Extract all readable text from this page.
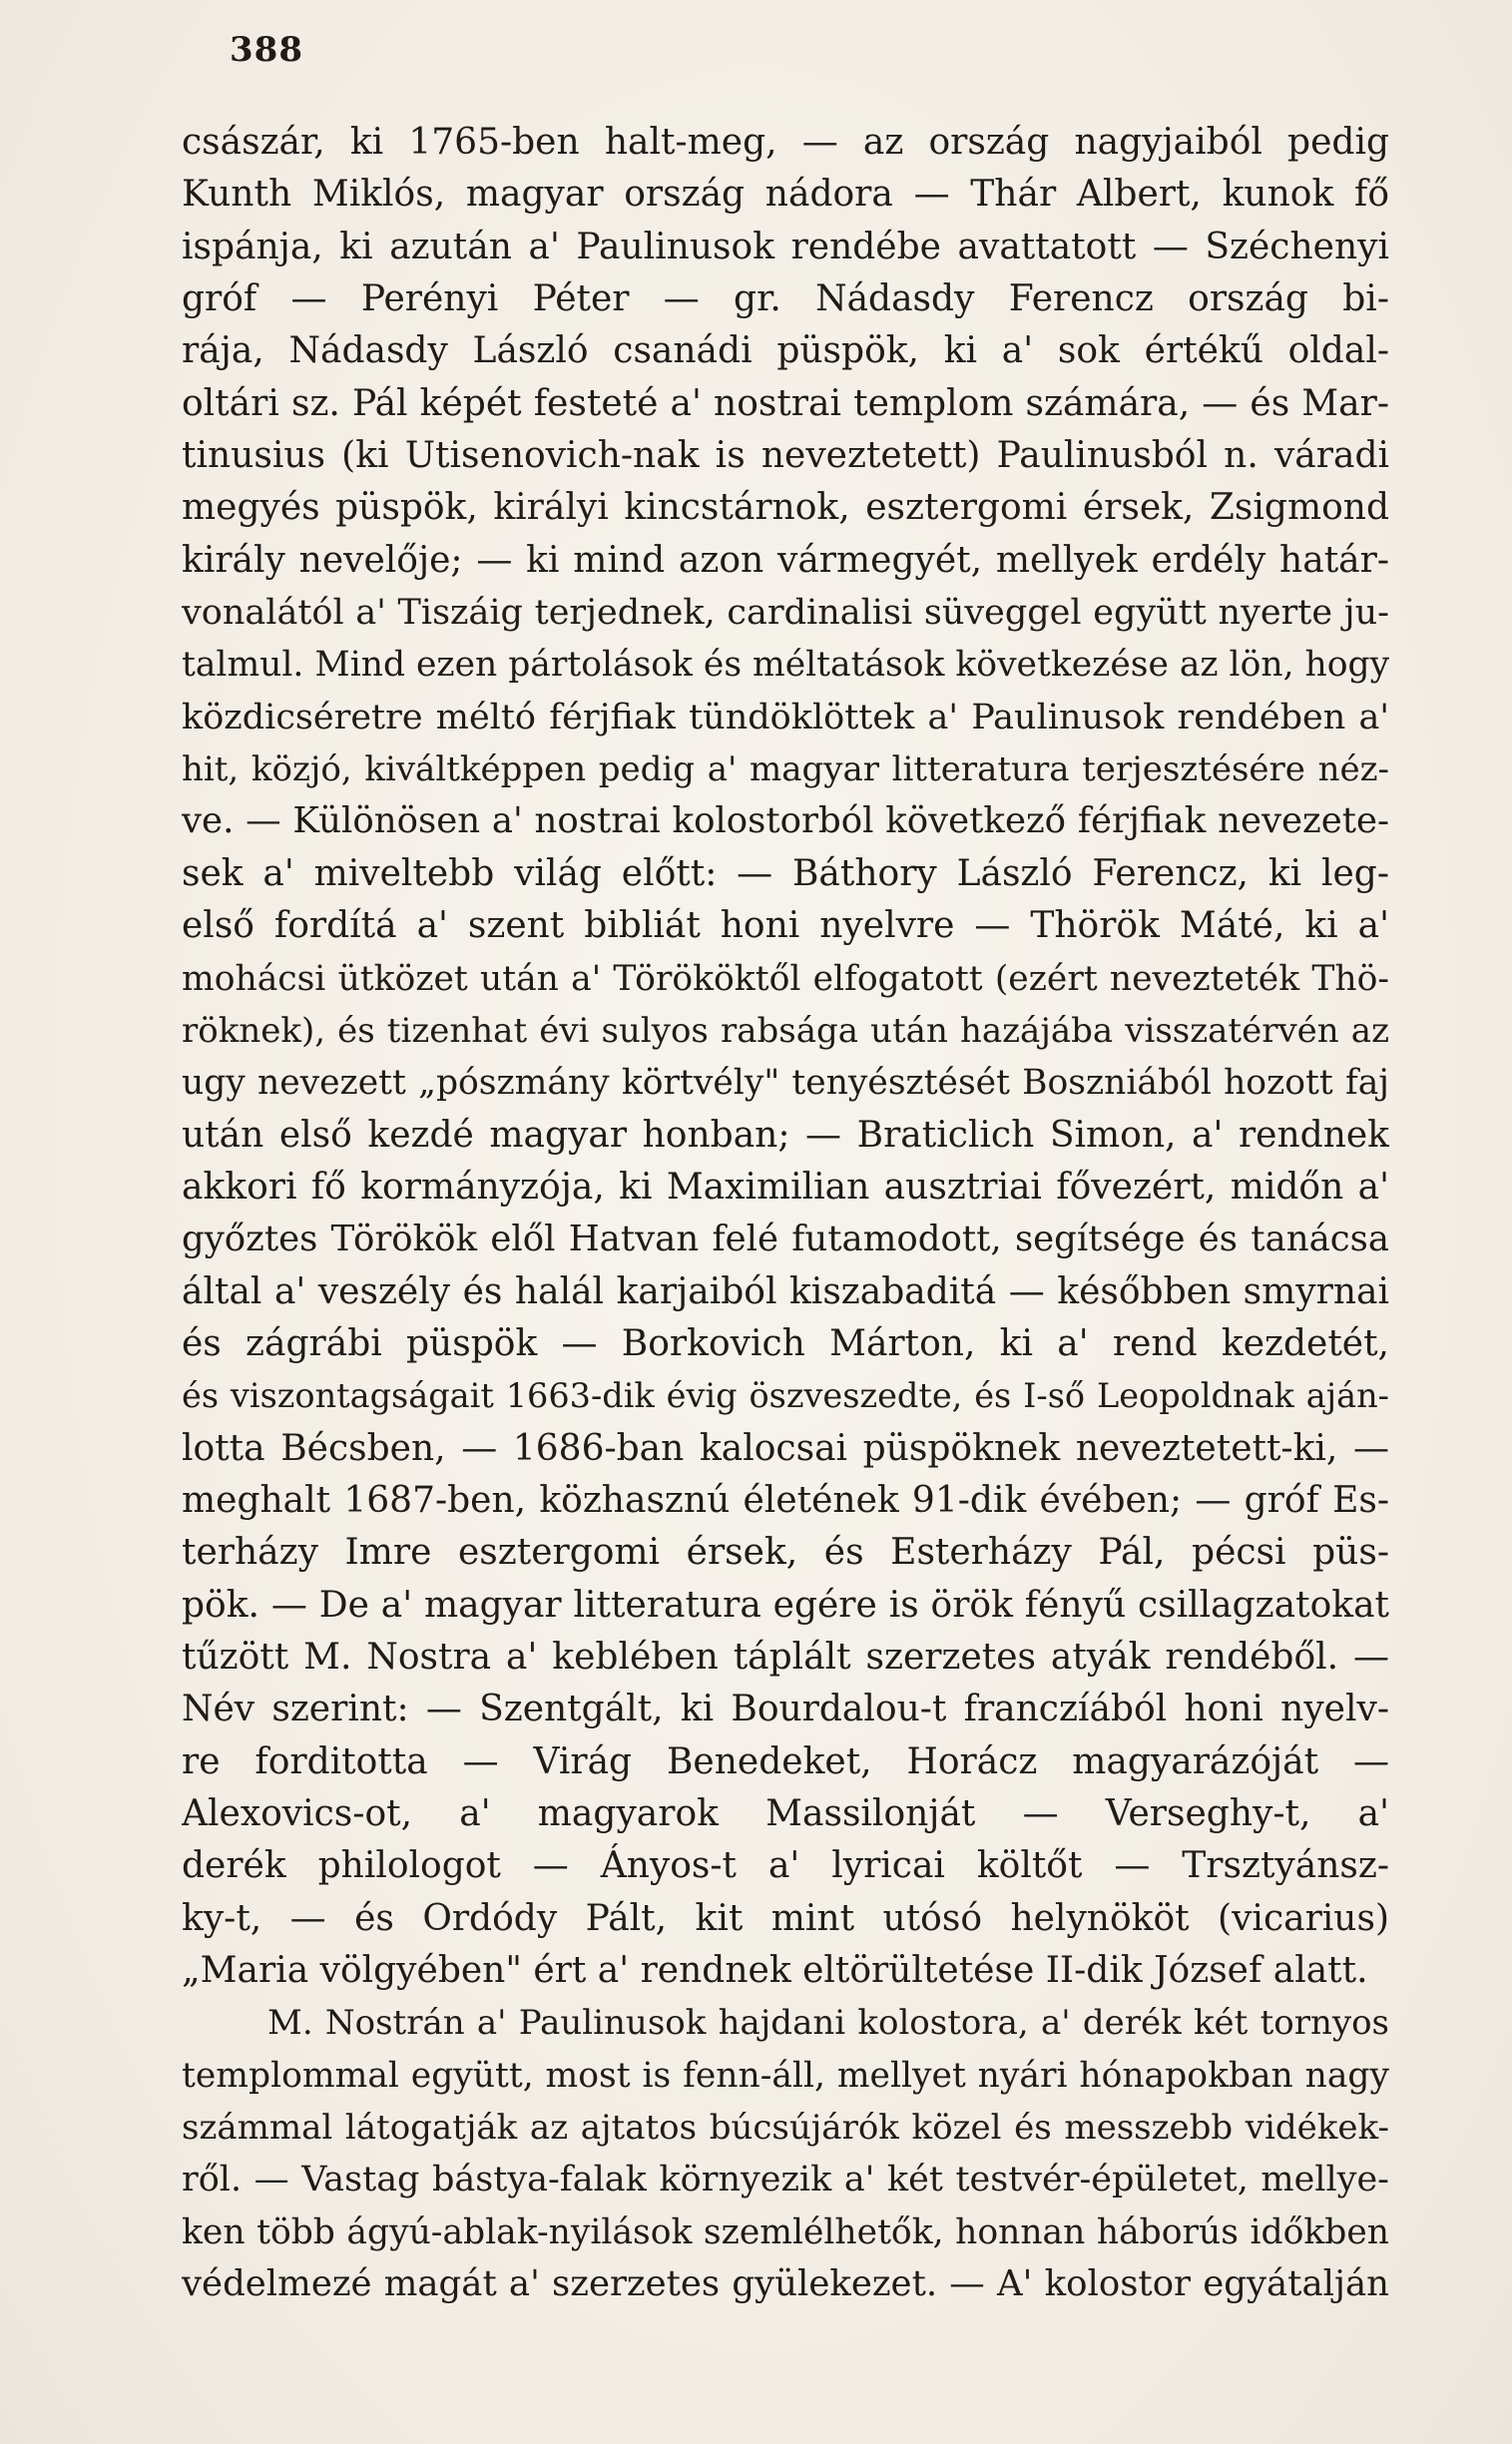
388
császár, ki 1765-ben halt-meg, — az ország nagyjaiból pedig
Kunth Miklós, magyar ország nádora — Thár Albert, kunok fő
ispánja, ki azután a' Paulinusok rendébe avattatott — Széchenyi
gróf — Perényi Péter — gr. Nádasdy Ferencz ország bi-
rája, Nádasdy László csanádi püspök, ki a' sok értékű oldal-
oltári sz. Pál képét festeté a' nostrai templom számára, — és Mar-
tinusius (ki Utisenovich-nak is neveztetett) Paulinusból n. váradi
megyés püspök, királyi kincstárnok, esztergomi érsek, Zsigmond
király nevelője; — ki mind azon vármegyét, mellyek erdély határ-
vonalától a' Tiszáig terjednek, cardinalisi süveggel együtt nyerte ju-
talmul. Mind ezen pártolások és méltatások következése az lön, hogy
közdicséretre méltó férjfiak tündöklöttek a' Paulinusok rendében a'
hit, közjó, kiváltképpen pedig a' magyar litteratura terjesztésére néz-
ve. — Különösen a' nostrai kolostorból következő férjfiak nevezete-
sek a' miveltebb világ előtt: — Báthory László Ferencz, ki leg-
első fordítá a' szent bibliát honi nyelvre — Thörök Máté, ki a'
mohácsi ütközet után a' Törököktől elfogatott (ezért nevezteték Thö-
röknek), és tizenhat évi sulyos rabsága után hazájába visszatérvén az
ugy nevezett „pószmány körtvély" tenyésztését Boszniából hozott faj
után első kezdé magyar honban; — Braticlich Simon, a' rendnek
akkori fő kormányzója, ki Maximilian ausztriai fővezért, midőn a'
győztes Törökök elől Hatvan felé futamodott, segítsége és tanácsa
által a' veszély és halál karjaiból kiszabaditá — későbben smyrnai
és zágrábi püspök — Borkovich Márton, ki a' rend kezdetét,
és viszontagságait 1663-dik évig öszveszedte, és I-ső Leopoldnak aján-
lotta Bécsben, — 1686-ban kalocsai püspöknek neveztetett-ki, —
meghalt 1687-ben, közhasznú életének 91-dik évében; — gróf Es-
terházy Imre esztergomi érsek, és Esterházy Pál, pécsi püs-
pök. — De a' magyar litteratura egére is örök fényű csillagzatokat
tűzött M. Nostra a' keblében táplált szerzetes atyák rendéből. —
Név szerint: — Szentgált, ki Bourdalou-t franczíából honi nyelv-
re forditotta — Virág Benedeket, Horácz magyarázóját —
Alexovics-ot, a' magyarok Massilonját — Verseghy-t, a'
derék philologot — Ányos-t a' lyricai költőt — Trsztyánsz-
ky-t, — és Ordódy Pált, kit mint utósó helynököt (vicarius)
„Maria völgyében" ért a' rendnek eltörültetése II-dik József alatt.
M. Nostrán a' Paulinusok hajdani kolostora, a' derék két tornyos
templommal együtt, most is fenn-áll, mellyet nyári hónapokban nagy
számmal látogatják az ajtatos búcsújárók közel és messzebb vidékek-
ről. — Vastag bástya-falak környezik a' két testvér-épületet, mellye-
ken több ágyú-ablak-nyilások szemlélhetők, honnan háborús időkben
védelmezé magát a' szerzetes gyülekezet. — A' kolostor egyátalján
